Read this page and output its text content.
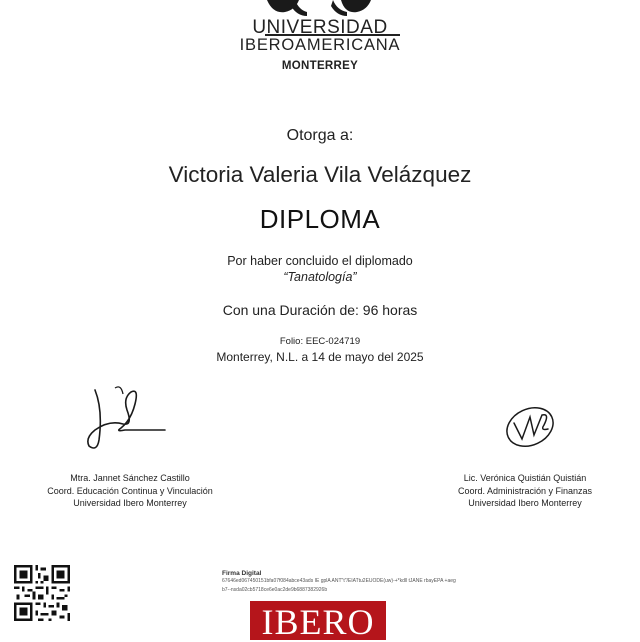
UNIVERSIDAD
IBEROAMERICANA
MONTERREY
Otorga a:
Victoria Valeria Vila Velázquez
DIPLOMA
Por haber concluido el diplomado
“Tanatología”
Con una Duración de: 96 horas
Folio: EEC-024719
Monterrey, N.L. a 14 de mayo del 2025
Mtra. Jannet Sánchez Castillo
Coord. Educación Continua y Vinculación
Universidad Ibero Monterrey
Lic. Verónica Quistián Quistián
Coord. Administración y Finanzas
Universidad Ibero Monterrey
Firma Digital
67646ed067450151bfa07f084abce43ads IE gplA ANT"t"/EIATtu2EUODE(uw)-+*kdll tJANE rbayEPA +aeg
b7--nsda02cb5718ce6e0ac2de9b6887382926b
IBERO
